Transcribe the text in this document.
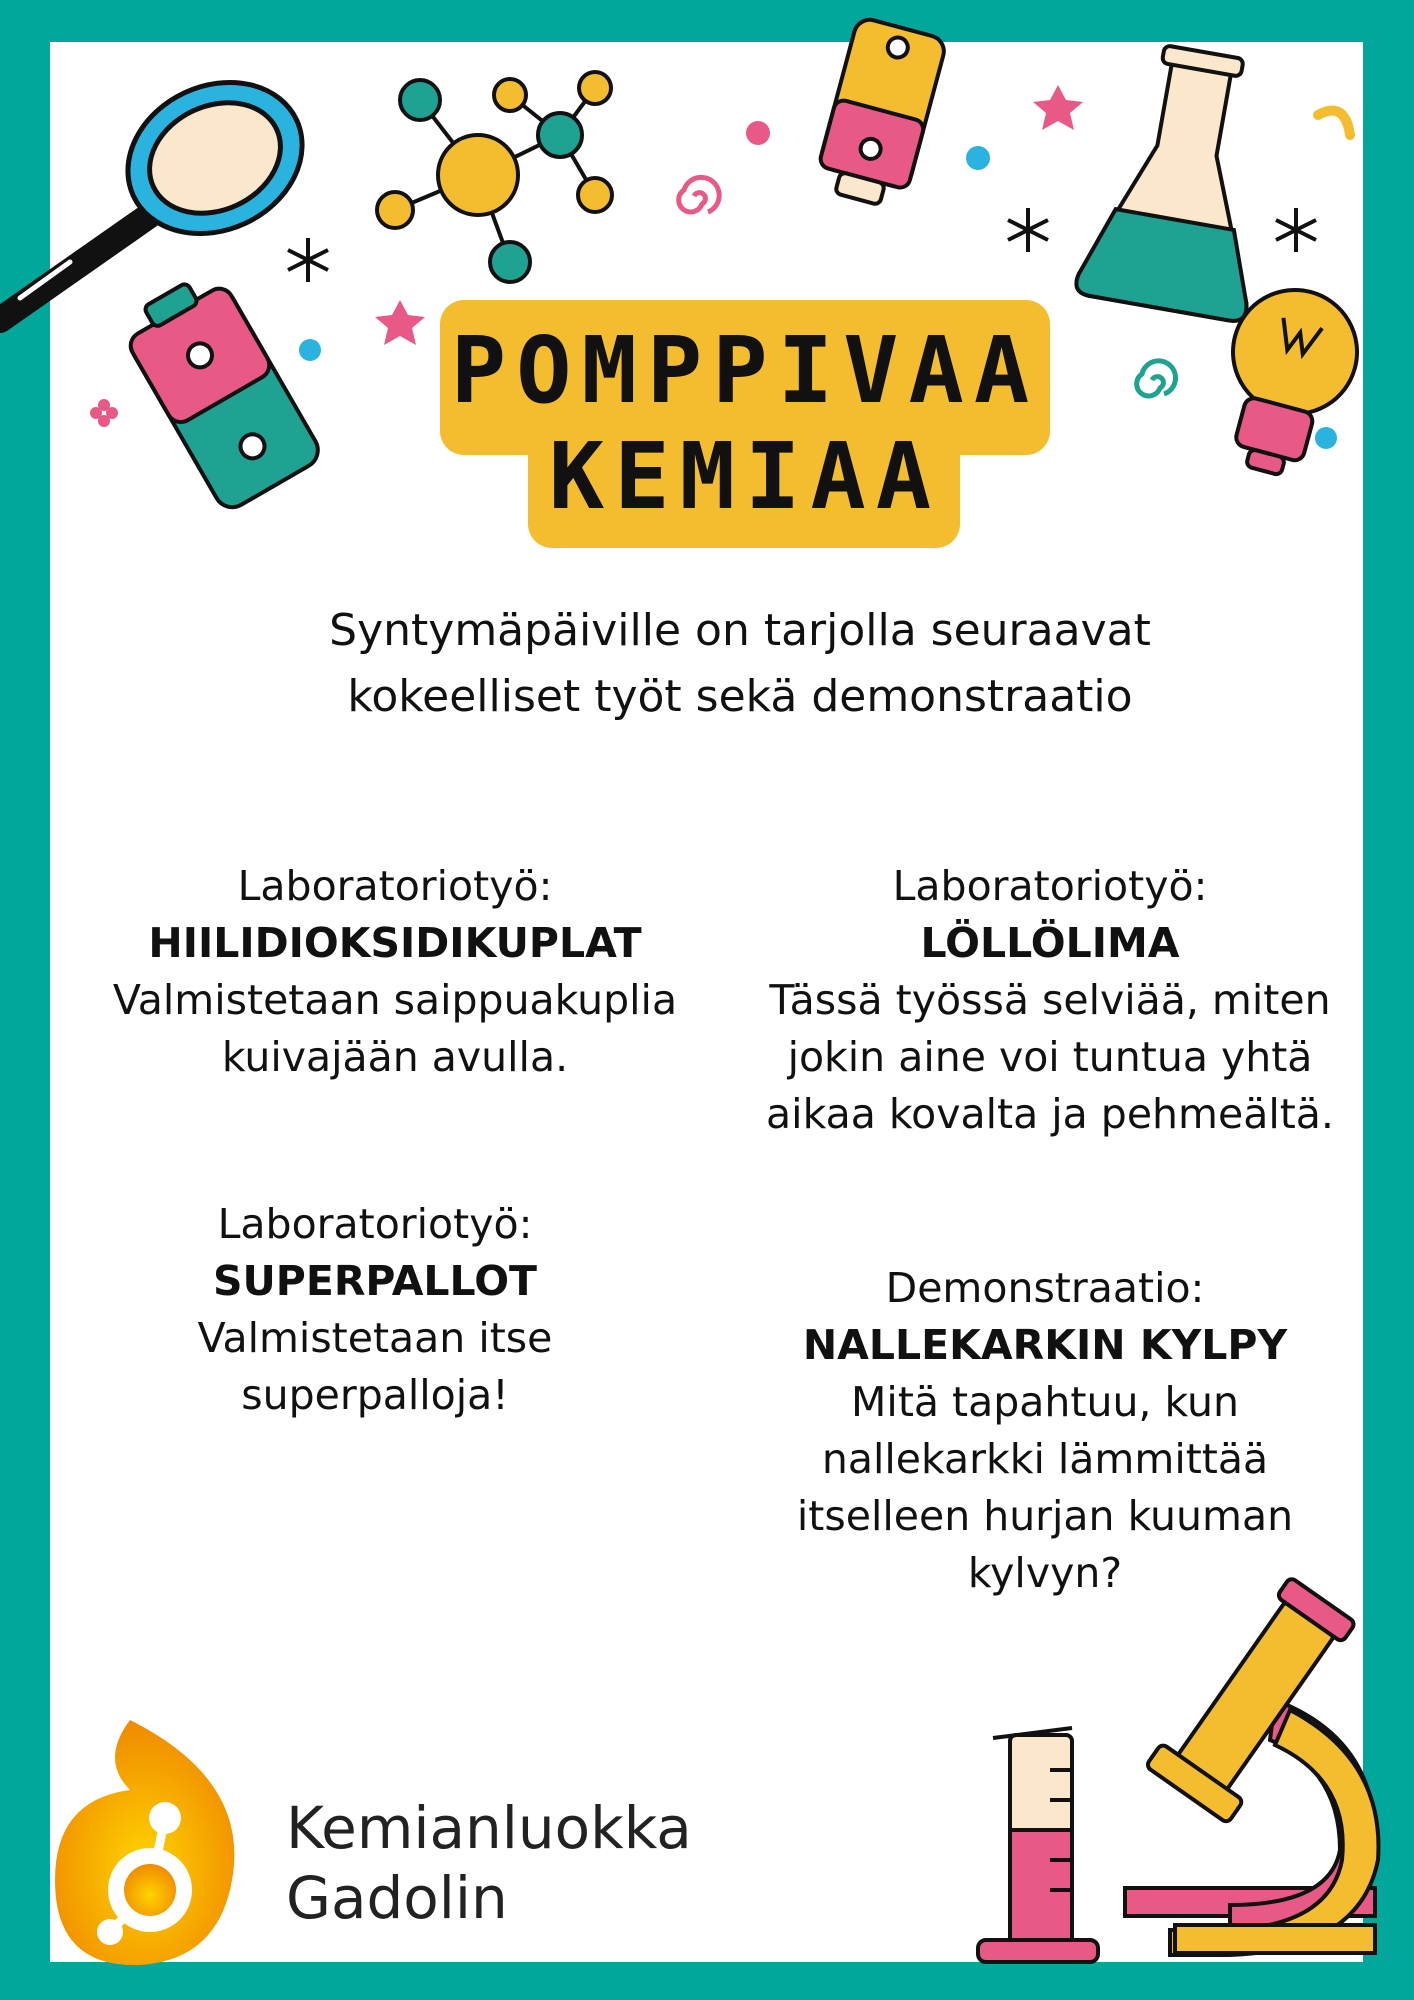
POMPPIVAA
KEMIAA
Syntymäpäiville on tarjolla seuraavat
kokeelliset työt sekä demonstraatio
Laboratoriotyö:
HIILIDIOKSIDIKUPLAT
Valmistetaan saippuakuplia
kuivajään avulla.
Laboratoriotyö:
LÖLLÖLIMA
Tässä työssä selviää, miten
jokin aine voi tuntua yhtä
aikaa kovalta ja pehmeältä.
Laboratoriotyö:
SUPERPALLOT
Valmistetaan itse
superpalloja!
Demonstraatio:
NALLEKARKIN KYLPY
Mitä tapahtuu, kun
nallekarkki lämmittää
itselleen hurjan kuuman
kylvyn?
Kemianluokka
Gadolin
